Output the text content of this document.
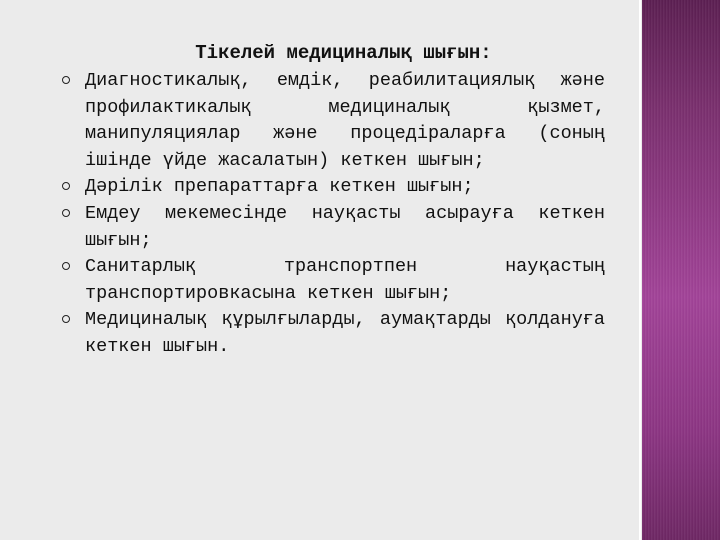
Тікелей медициналық шығын:
Диагностикалық, емдік, реабилитациялық және профилактикалық медициналық қызмет, манипуляциялар және процедіраларға (соның ішінде үйде жасалатын) кеткен шығын;
Дәрілік препараттарға кеткен шығын;
Емдеу мекемесінде науқасты асырауға кеткен шығын;
Санитарлық транспортпен науқастың транспортировкасына кеткен шығын;
Медициналық құрылғыларды, аумақтарды қолдануға кеткен шығын.
